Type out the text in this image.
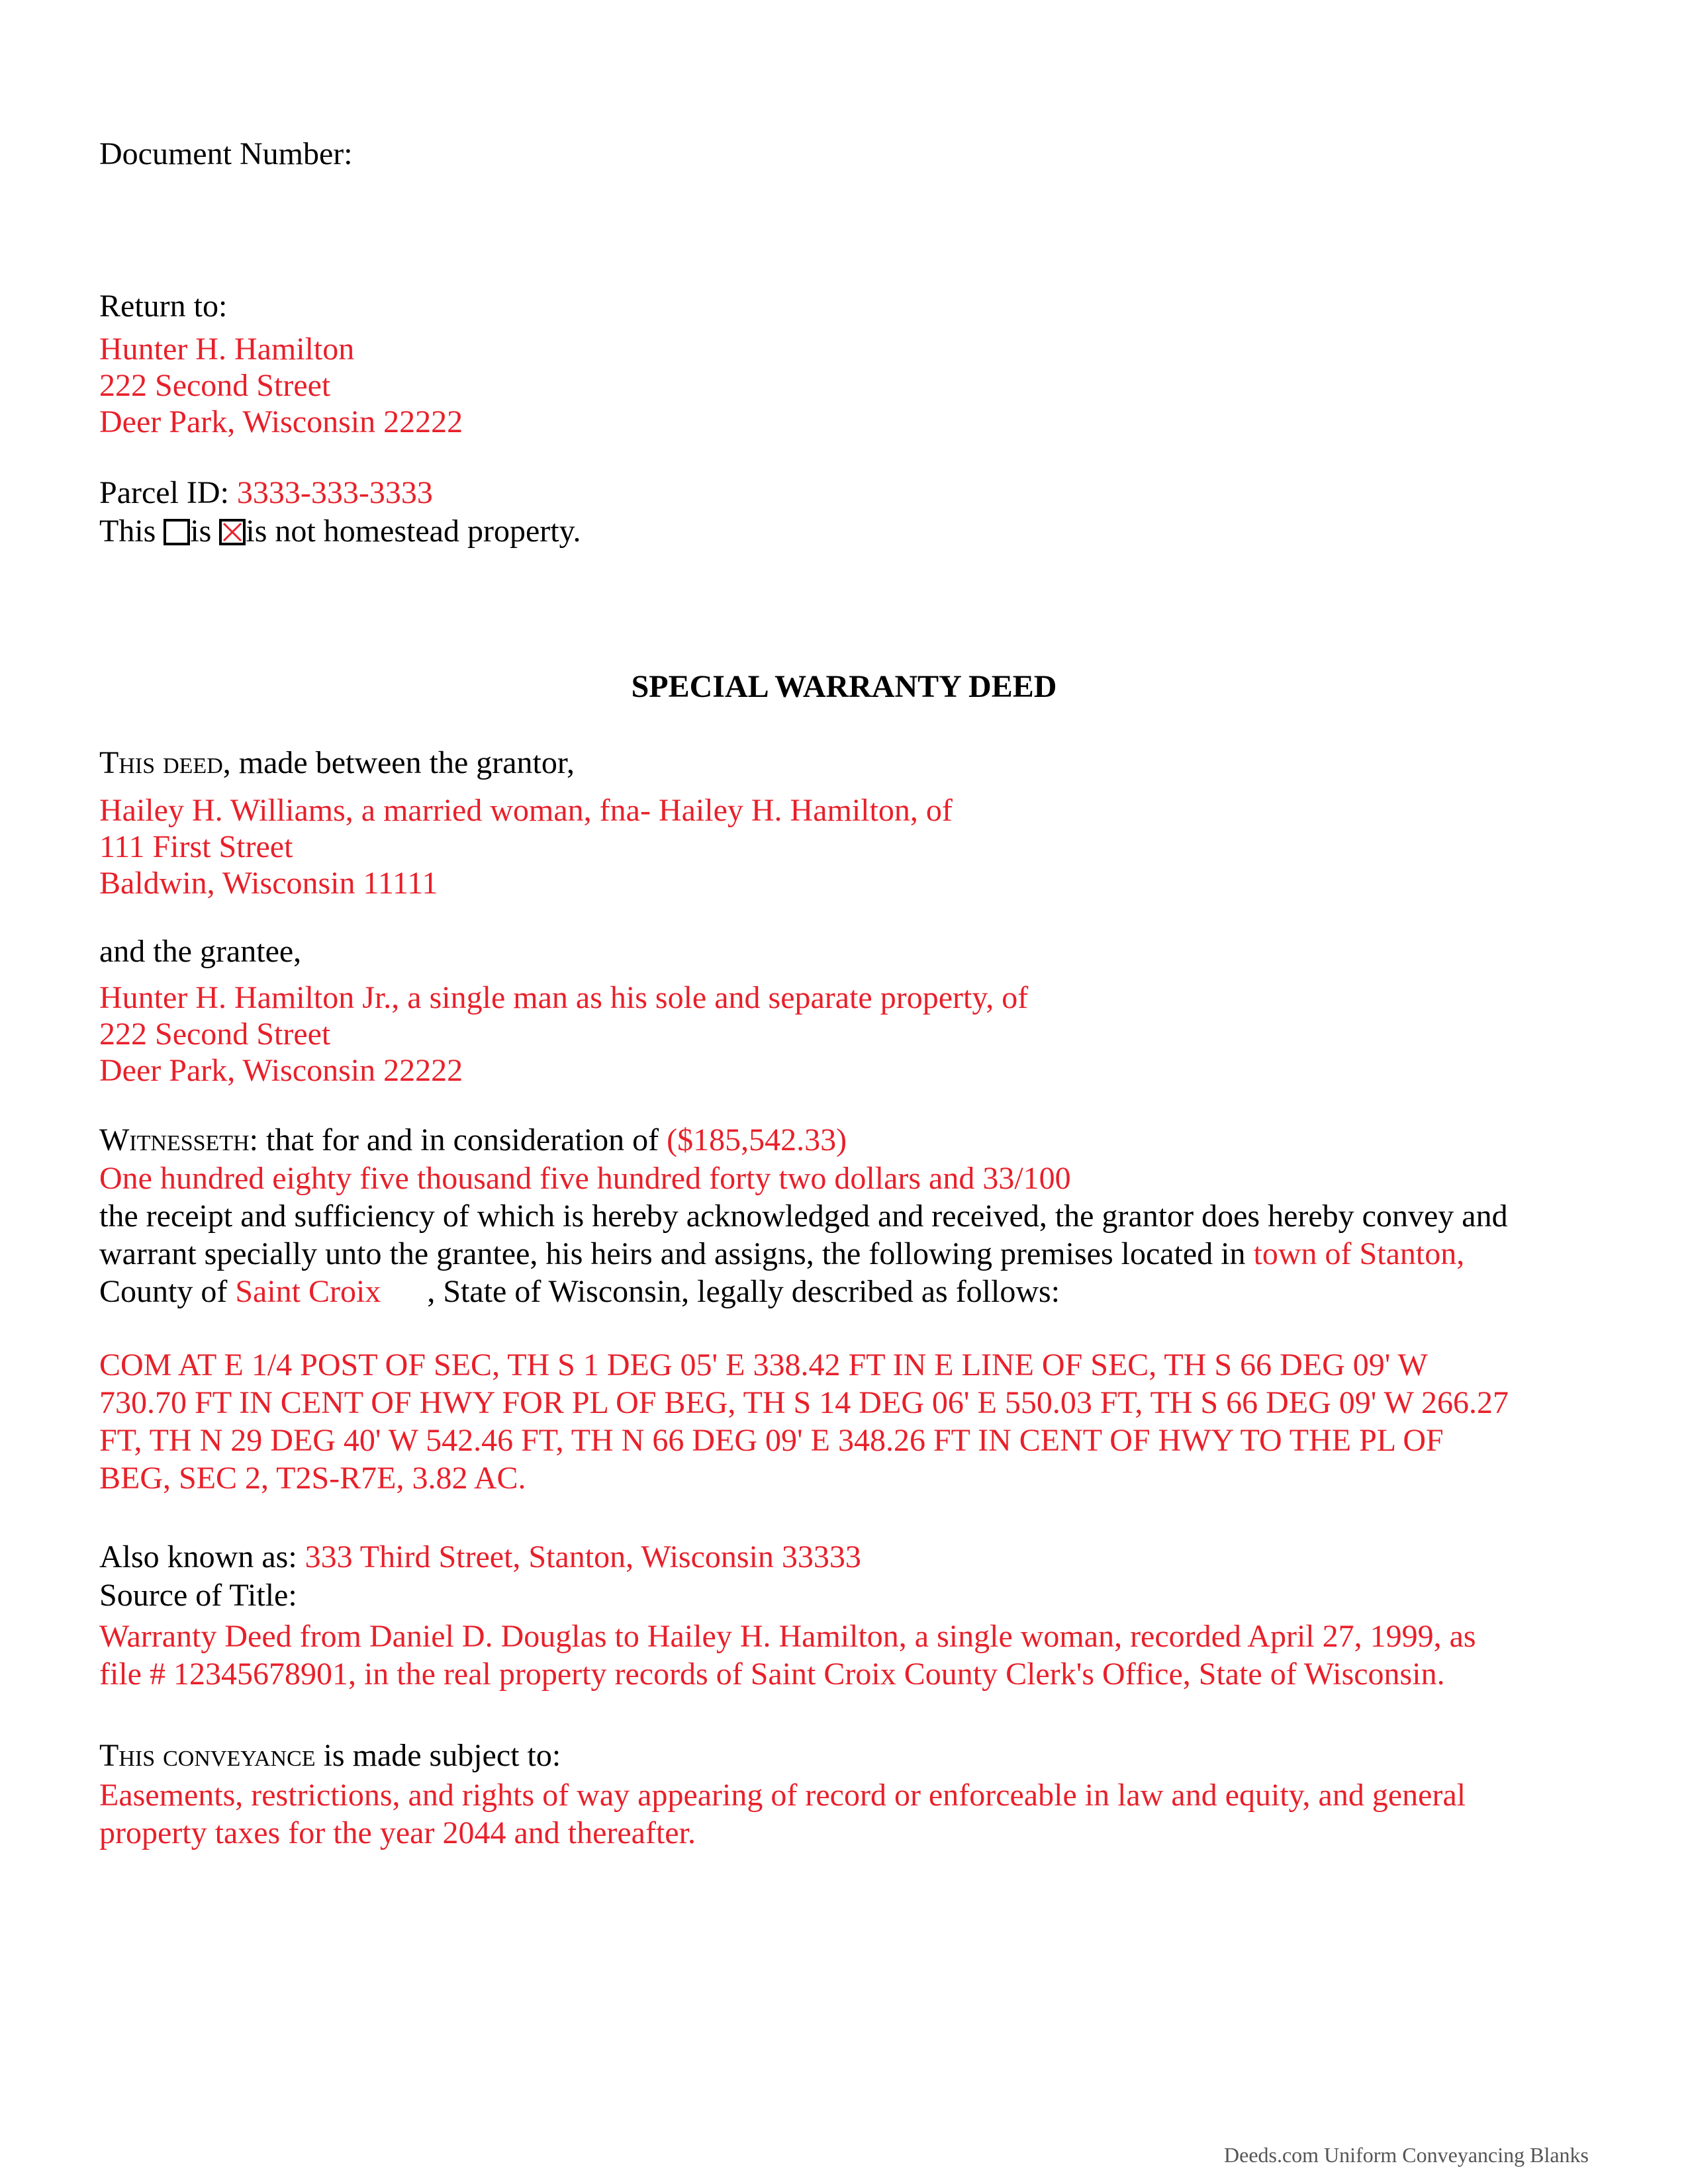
Document Number:
Return to:
Hunter H. Hamilton
222 Second Street
Deer Park, Wisconsin 22222
Parcel ID: 3333-333-3333
This is is not homestead property.
SPECIAL WARRANTY DEED
This deed, made between the grantor,
Hailey H. Williams, a married woman, fna- Hailey H. Hamilton, of
111 First Street
Baldwin, Wisconsin 11111
and the grantee,
Hunter H. Hamilton Jr., a single man as his sole and separate property, of
222 Second Street
Deer Park, Wisconsin 22222
Witnesseth: that for and in consideration of ($185,542.33)
One hundred eighty five thousand five hundred forty two dollars and 33/100
the receipt and sufficiency of which is hereby acknowledged and received, the grantor does hereby convey and
warrant specially unto the grantee, his heirs and assigns, the following premises located in town of Stanton,
County of Saint Croix , State of Wisconsin, legally described as follows:
COM AT E 1/4 POST OF SEC, TH S 1 DEG 05' E 338.42 FT IN E LINE OF SEC, TH S 66 DEG 09' W
730.70 FT IN CENT OF HWY FOR PL OF BEG, TH S 14 DEG 06' E 550.03 FT, TH S 66 DEG 09' W 266.27
FT, TH N 29 DEG 40' W 542.46 FT, TH N 66 DEG 09' E 348.26 FT IN CENT OF HWY TO THE PL OF
BEG, SEC 2, T2S-R7E, 3.82 AC.
Also known as: 333 Third Street, Stanton, Wisconsin 33333
Source of Title:
Warranty Deed from Daniel D. Douglas to Hailey H. Hamilton, a single woman, recorded April 27, 1999, as
file # 12345678901, in the real property records of Saint Croix County Clerk's Office, State of Wisconsin.
This conveyance is made subject to:
Easements, restrictions, and rights of way appearing of record or enforceable in law and equity, and general
property taxes for the year 2044 and thereafter.
Deeds.com Uniform Conveyancing Blanks
